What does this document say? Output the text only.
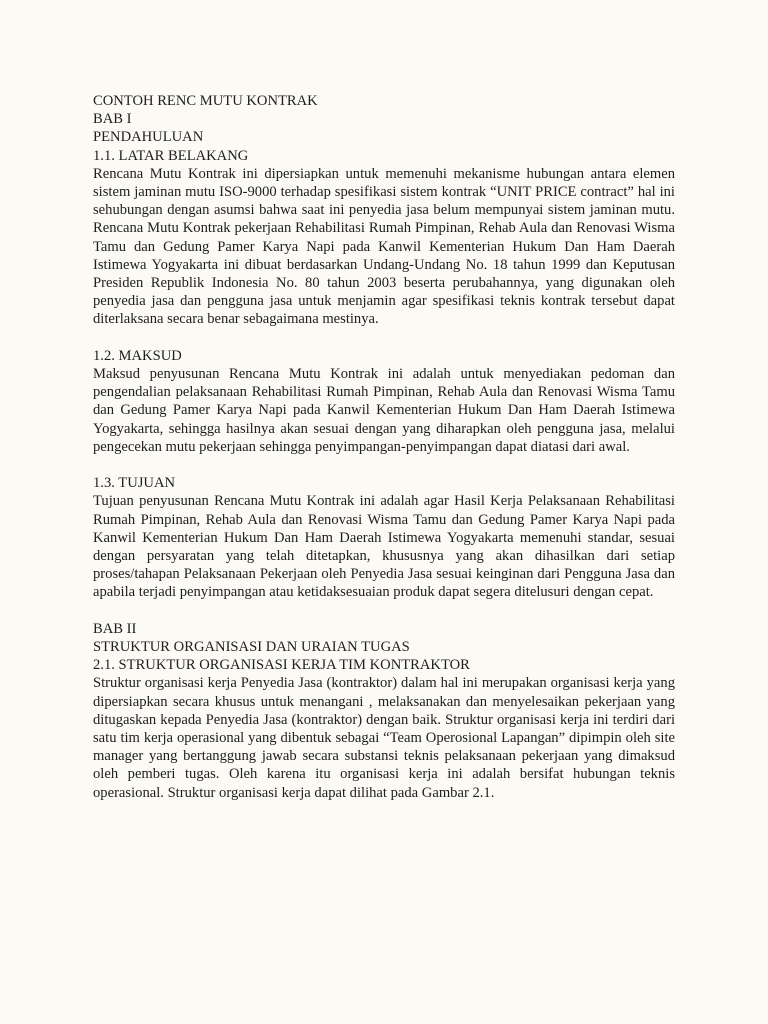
CONTOH RENC MUTU KONTRAK
BAB I
PENDAHULUAN
1.1. LATAR BELAKANG

Rencana Mutu Kontrak ini dipersiapkan untuk memenuhi mekanisme hubungan antara elemen sistem jaminan mutu ISO-9000 terhadap spesifikasi sistem kontrak “UNIT PRICE contract” hal ini sehubungan dengan asumsi bahwa saat ini penyedia jasa belum mempunyai sistem jaminan mutu. Rencana Mutu Kontrak pekerjaan Rehabilitasi Rumah Pimpinan, Rehab Aula dan Renovasi Wisma Tamu dan Gedung Pamer Karya Napi pada Kanwil Kementerian Hukum Dan Ham Daerah Istimewa Yogyakarta ini dibuat berdasarkan Undang-Undang No. 18 tahun 1999 dan Keputusan Presiden Republik Indonesia No. 80 tahun 2003 beserta perubahannya, yang digunakan oleh penyedia jasa dan pengguna jasa untuk menjamin agar spesifikasi teknis kontrak tersebut dapat diterlaksana secara benar sebagaimana mestinya.

1.2. MAKSUD

Maksud penyusunan Rencana Mutu Kontrak ini adalah untuk menyediakan pedoman dan pengendalian pelaksanaan Rehabilitasi Rumah Pimpinan, Rehab Aula dan Renovasi Wisma Tamu dan Gedung Pamer Karya Napi pada Kanwil Kementerian Hukum Dan Ham Daerah Istimewa Yogyakarta, sehingga hasilnya akan sesuai dengan yang diharapkan oleh pengguna jasa, melalui pengecekan mutu pekerjaan sehingga penyimpangan-penyimpangan dapat diatasi dari awal.

1.3. TUJUAN

Tujuan penyusunan Rencana Mutu Kontrak ini adalah agar Hasil Kerja Pelaksanaan Rehabilitasi Rumah Pimpinan, Rehab Aula dan Renovasi Wisma Tamu dan Gedung Pamer Karya Napi pada Kanwil Kementerian Hukum Dan Ham Daerah Istimewa Yogyakarta memenuhi standar, sesuai dengan persyaratan yang telah ditetapkan, khususnya yang akan dihasilkan dari setiap proses/tahapan Pelaksanaan Pekerjaan oleh Penyedia Jasa sesuai keinginan dari Pengguna Jasa dan apabila terjadi penyimpangan atau ketidaksesuaian produk dapat segera ditelusuri dengan cepat.

BAB II
STRUKTUR ORGANISASI DAN URAIAN TUGAS
2.1. STRUKTUR ORGANISASI KERJA TIM KONTRAKTOR

Struktur organisasi kerja Penyedia Jasa (kontraktor) dalam hal ini merupakan organisasi kerja yang dipersiapkan secara khusus untuk menangani , melaksanakan dan menyelesaikan pekerjaan yang ditugaskan kepada Penyedia Jasa (kontraktor) dengan baik. Struktur organisasi kerja ini terdiri dari satu tim kerja operasional yang dibentuk sebagai “Team Operosional Lapangan” dipimpin oleh site manager yang bertanggung jawab secara substansi teknis pelaksanaan pekerjaan yang dimaksud oleh pemberi tugas. Oleh karena itu organisasi kerja ini adalah bersifat hubungan teknis operasional. Struktur organisasi kerja dapat dilihat pada Gambar 2.1.
